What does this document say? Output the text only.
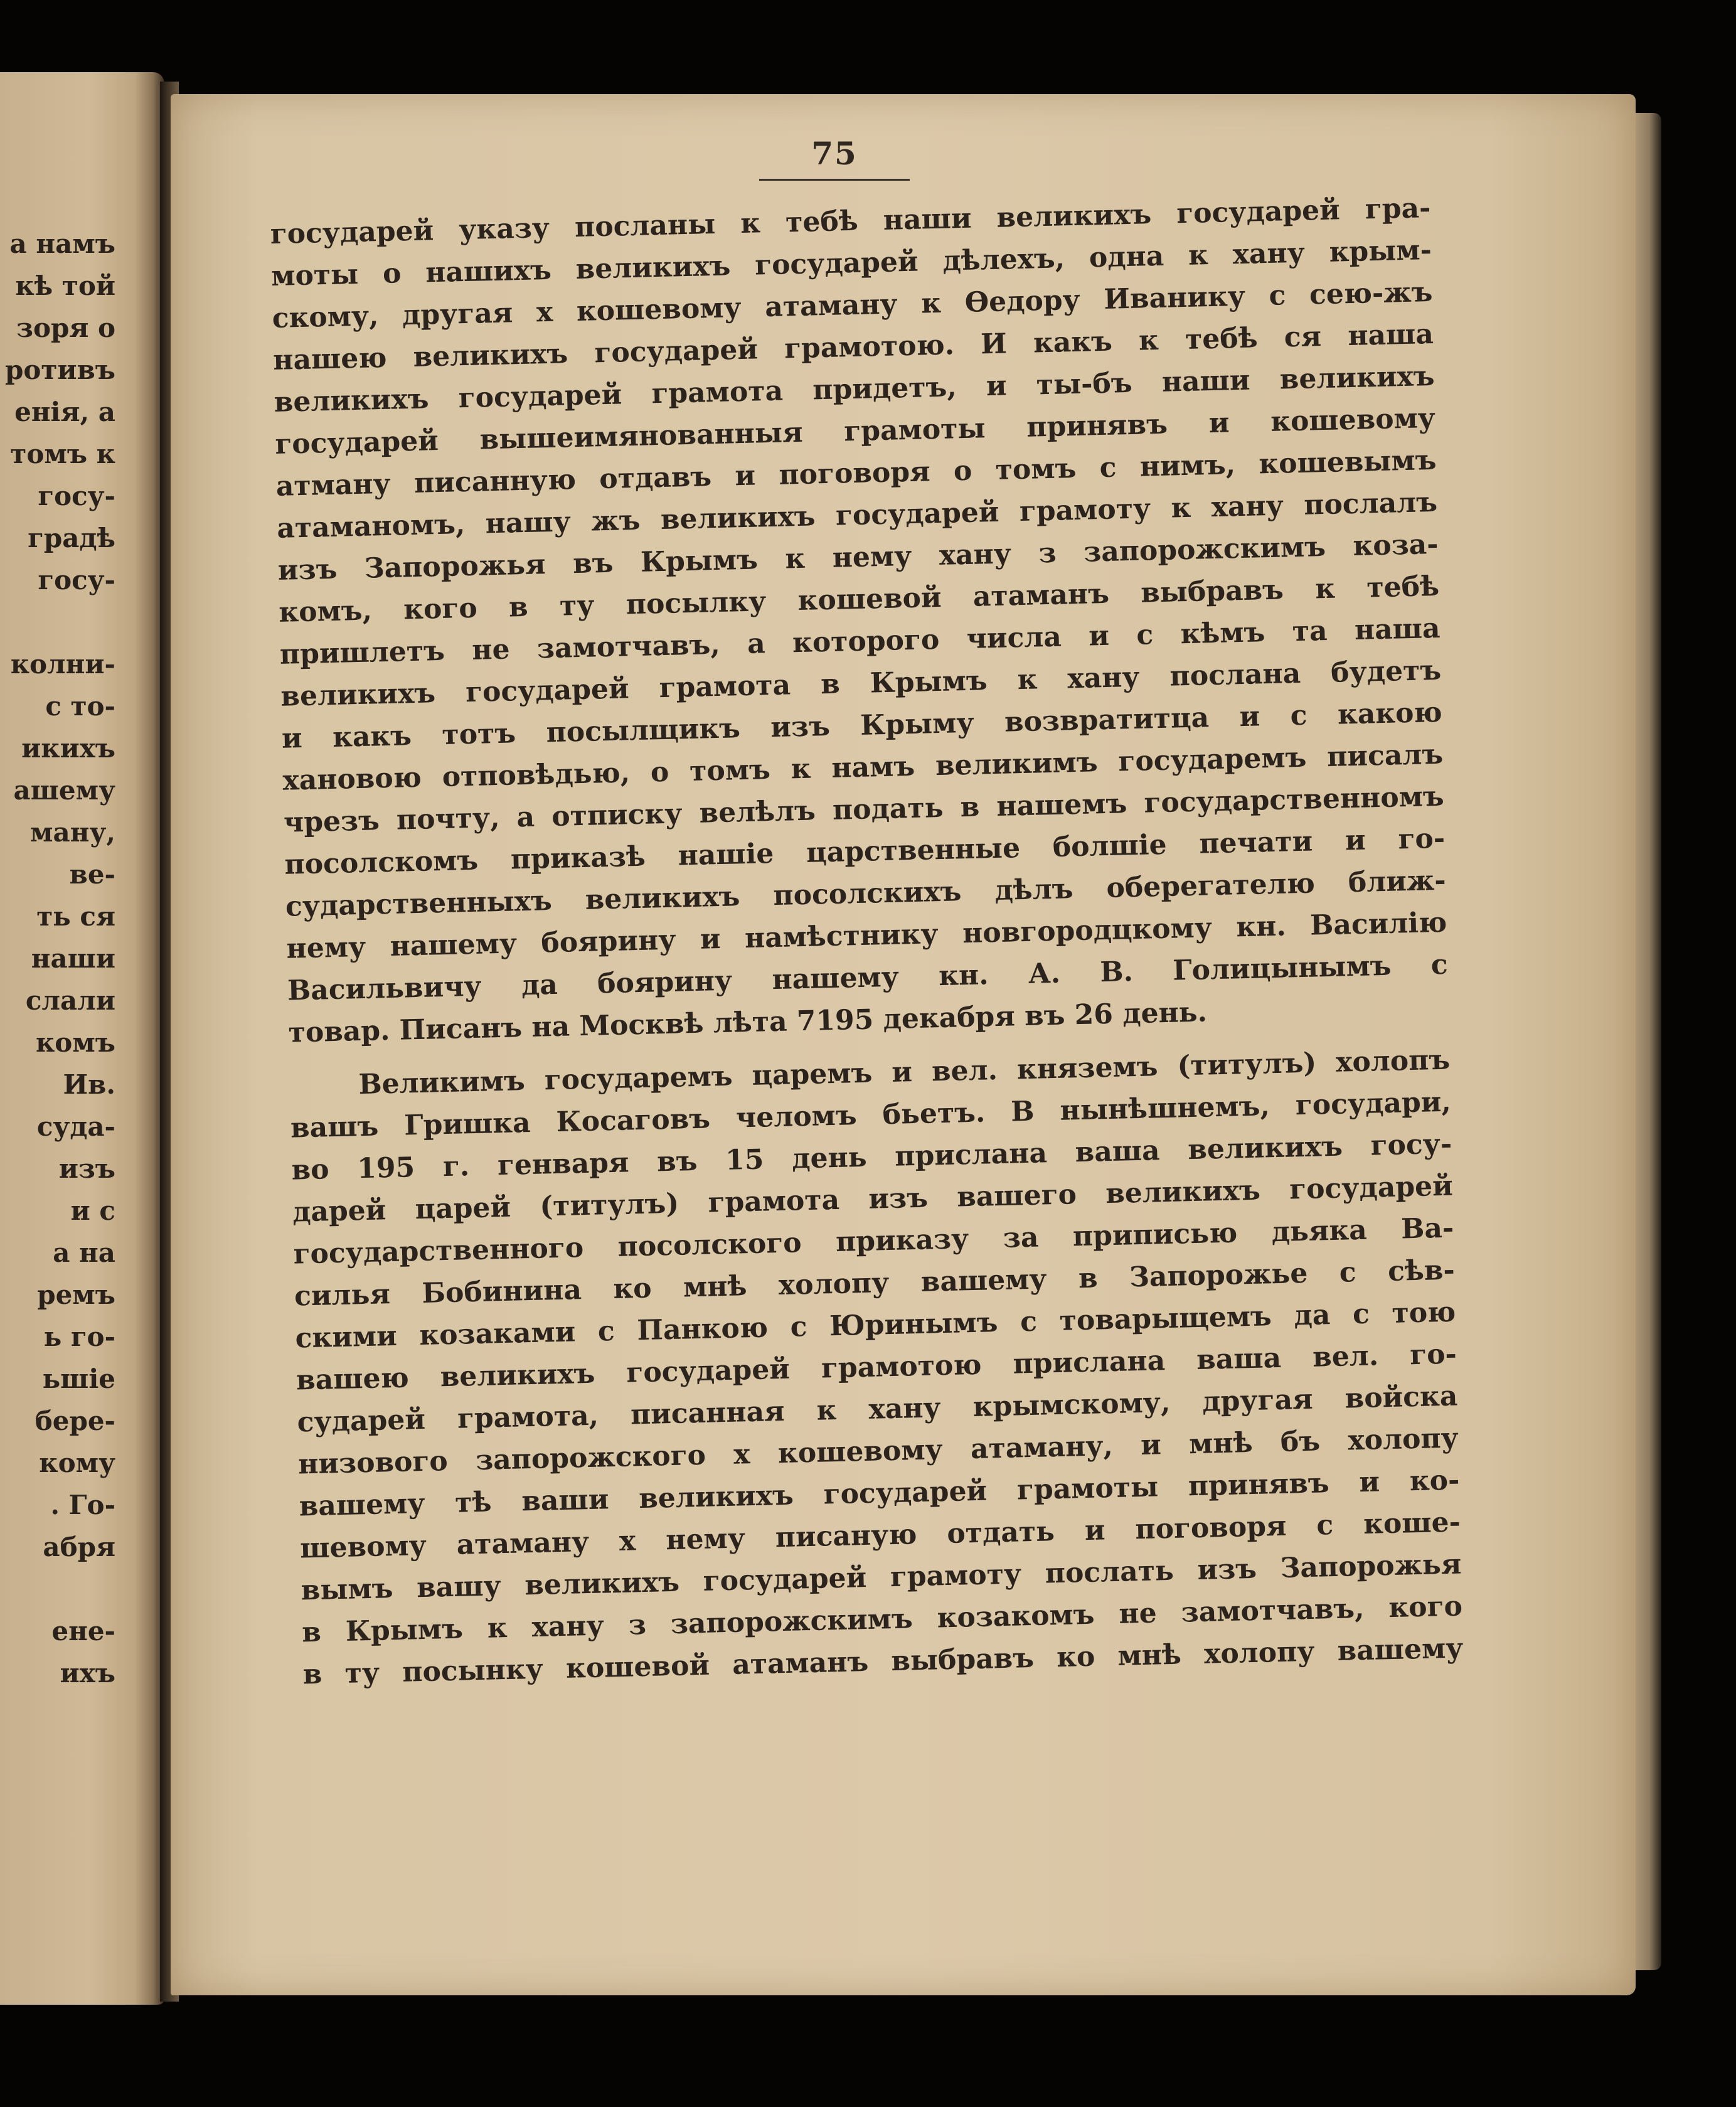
а намъ
кѣ той
зоря о
ротивъ
енія, а
томъ к
госу-
градѣ
госу-
колни-
с то-
икихъ
ашему
ману,
ве-
ть ся
наши
слали
комъ
Ив.
суда-
изъ
и с
а на
ремъ
ь го-
ьшіе
бере-
кому
. Го-
абря
ене-
ихъ
75
государей указу посланы к тебѣ наши великихъ государей гра-
моты о нашихъ великихъ государей дѣлехъ, одна к хану крым-
скому, другая х кошевому атаману к Ѳедору Иванику с сею-жъ
нашею великихъ государей грамотою. И какъ к тебѣ ся наша
великихъ государей грамота придетъ, и ты-бъ наши великихъ
государей вышеимянованныя грамоты принявъ и кошевому
атману писанную отдавъ и поговоря о томъ с нимъ, кошевымъ
атаманомъ, нашу жъ великихъ государей грамоту к хану послалъ
изъ Запорожья въ Крымъ к нему хану з запорожскимъ коза-
комъ, кого в ту посылку кошевой атаманъ выбравъ к тебѣ
пришлетъ не замотчавъ, а которого числа и с кѣмъ та наша
великихъ государей грамота в Крымъ к хану послана будетъ
и какъ тотъ посылщикъ изъ Крыму возвратитца и с какою
хановою отповѣдью, о томъ к намъ великимъ государемъ писалъ
чрезъ почту, а отписку велѣлъ подать в нашемъ государственномъ
посолскомъ приказѣ нашіе царственные болшіе печати и го-
сударственныхъ великихъ посолскихъ дѣлъ оберегателю ближ-
нему нашему боярину и намѣстнику новгородцкому кн. Василію
Васильвичу да боярину нашему кн. А. В. Голицынымъ с
товар. Писанъ на Москвѣ лѣта 7195 декабря въ 26 день.
Великимъ государемъ царемъ и вел. княземъ (титулъ) холопъ
вашъ Гришка Косаговъ челомъ бьетъ. В нынѣшнемъ, государи,
во 195 г. генваря въ 15 день прислана ваша великихъ госу-
дарей царей (титулъ) грамота изъ вашего великихъ государей
государственного посолского приказу за приписью дьяка Ва-
силья Бобинина ко мнѣ холопу вашему в Запорожье с сѣв-
скими козаками с Панкою с Юринымъ с товарыщемъ да с тою
вашею великихъ государей грамотою прислана ваша вел. го-
сударей грамота, писанная к хану крымскому, другая войска
низового запорожского х кошевому атаману, и мнѣ бъ холопу
вашему тѣ ваши великихъ государей грамоты принявъ и ко-
шевому атаману х нему писаную отдать и поговоря с коше-
вымъ вашу великихъ государей грамоту послать изъ Запорожья
в Крымъ к хану з запорожскимъ козакомъ не замотчавъ, кого
в ту посынку кошевой атаманъ выбравъ ко мнѣ холопу вашему
